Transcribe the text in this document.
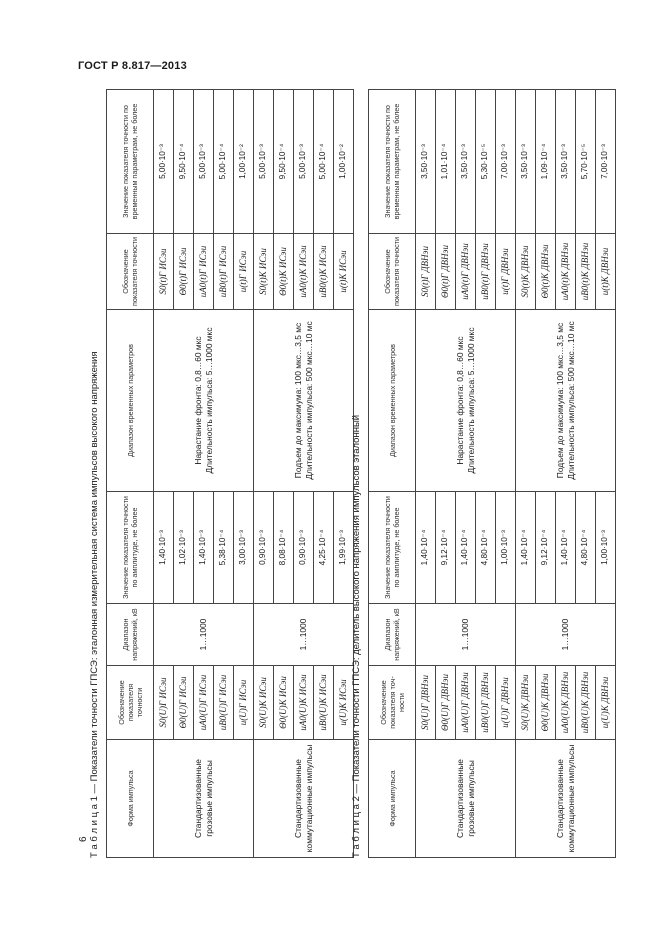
ГОСТ Р 8.817—2013
6 Т а б л и ц а 1 — Показатели точности ГПСЭ: эталонная измерительная система импульсов высокого напряжения	Форма импульса	Обозначение показателя точности	Диапазон напряжений, кВ	Значение показателя точности по амплитуде, не более	Диапазон временных параметров	Обозначение показателя точности	Значение показателя точности по временным параметрам, не более
Стандартизованные грозовые импульсы	S0(U)Г ИСэи	1…1000	1,40·10⁻³	Нарастание фронта: 0,8…60 мкс Длительность импульса: 5…1000 мкс	S0(t)Г ИСэи	5,00·10⁻³
	Θ0(U)Г ИСэи		1,02·10⁻³		Θ0(t)Г ИСэи	9,50·10⁻⁴
	uA0(U)Г ИСэи		1,40·10⁻³		uA0(t)Г ИСэи	5,00·10⁻³
	uB0(U)Г ИСэи		5,38·10⁻⁴		uB0(t)Г ИСэи	5,00·10⁻⁴
	u(U)Г ИСэи		3,00·10⁻³		u(t)Г ИСэи	1,00·10⁻²
Стандартизованные коммутационные импульсы	S0(U)К ИСэи	1…1000	0,90·10⁻³	Подъем до максимума: 100 мкс…3,5 мс Длительность импульса: 500 мкс…10 мс	S0(t)К ИСэи	5,00·10⁻³
	Θ0(U)К ИСэи		8,08·10⁻⁴		Θ0(t)К ИСэи	9,50·10⁻⁴
	uA0(U)К ИСэи		0,90·10⁻³		uA0(t)К ИСэи	5,00·10⁻³
	uB0(U)К ИСэи		4,25·10⁻⁴		uB0(t)К ИСэи	5,00·10⁻⁴
	u(U)К ИСэи		1,99·10⁻³		u(t)К ИСэи	1,00·10⁻²
Т а б л и ц а 2 — Показатели точности ГПСЭ: делитель высокого напряжения импульсов эталонный	Форма импульса	Обозначение показателя точ-ности	Диапазон напряжений, кВ	Значение показателя точности по амплитуде, не более	Диапазон временных параметров	Обозначение показателя точности	Значение показателя точности по временным параметрам, не более
Стандартизованные грозовые импульсы	S0(U)Г ДВНэи	1…1000	1,40·10⁻⁴	Нарастание фронта: 0,8…60 мкс Длительность импульса: 5…1000 мкс	S0(t)Г ДВНэи	3,50·10⁻³
	Θ0(U)Г ДВНэи		9,12·10⁻⁴		Θ0(t)Г ДВНэи	1,01·10⁻⁴
	uA0(U)Г ДВНэи		1,40·10⁻⁴		uA0(t)Г ДВНэи	3,50·10⁻³
	uB0(U)Г ДВНэи		4,80·10⁻⁴		uB0(t)Г ДВНэи	5,30·10⁻⁵
	u(U)Г ДВНэи		1,00·10⁻³		u(t)Г ДВНэи	7,00·10⁻³
Стандартизованные коммутационные импульсы	S0(U)К ДВНэи	1…1000	1,40·10⁻⁴	Подъем до максимума: 100 мкс…3,5 мс Длительность импульса: 500 мкс…10 мс	S0(t)К ДВНэи	3,50·10⁻³
	Θ0(U)К ДВНэи		9,12·10⁻⁴		Θ0(t)К ДВНэи	1,09·10⁻⁴
	uA0(U)К ДВНэи		1,40·10⁻⁴		uA0(t)К ДВНэи	3,50·10⁻³
	uB0(U)К ДВНэи		4,80·10⁻⁴		uB0(t)К ДВНэи	5,70·10⁻⁵
	u(U)К ДВНэи		1,00·10⁻³		u(t)К ДВНэи	7,00·10⁻³
